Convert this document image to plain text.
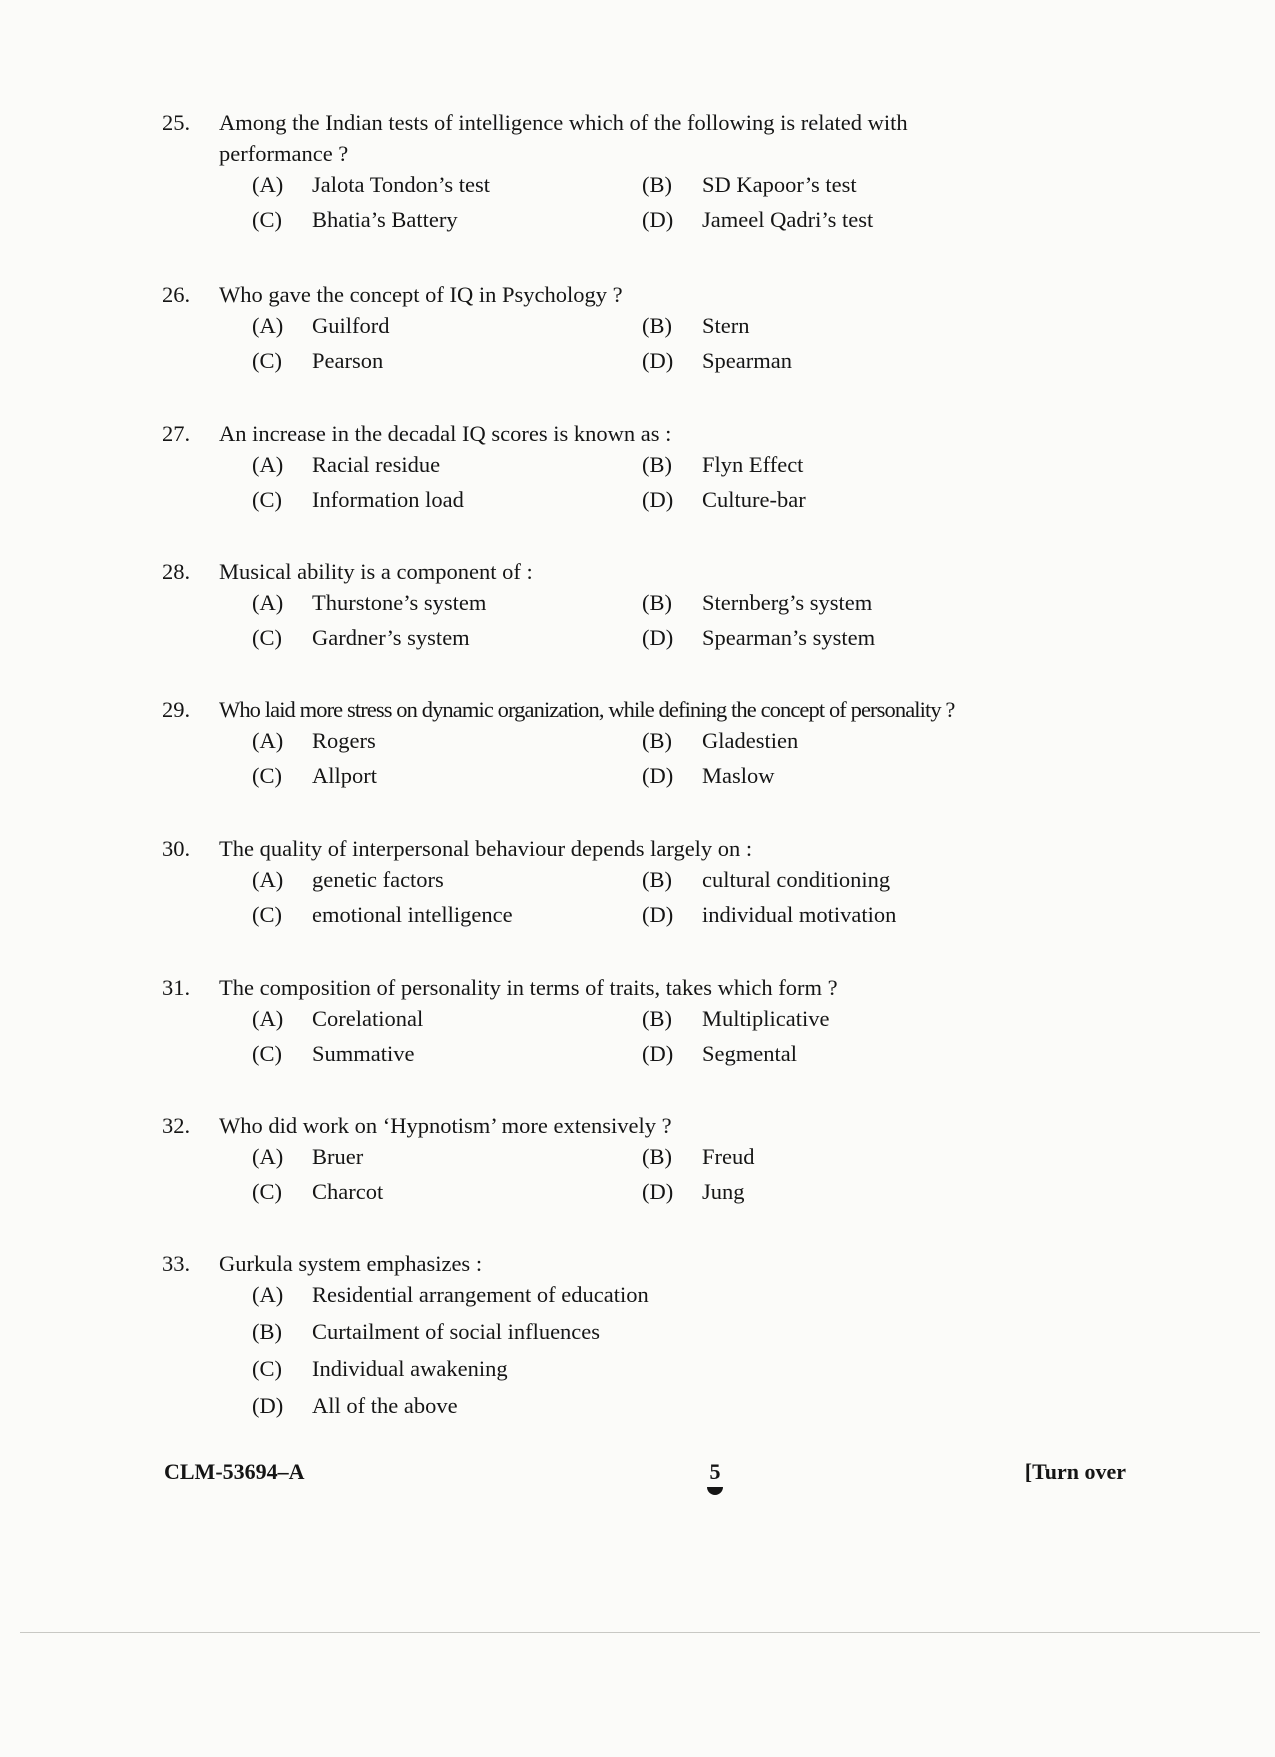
25. Among the Indian tests of intelligence which of the following is related with performance ?
(A) Jalota Tondon’s test	(B) SD Kapoor’s test
(C) Bhatia’s Battery	(D) Jameel Qadri’s test
26. Who gave the concept of IQ in Psychology ?
(A) Guilford	(B) Stern
(C) Pearson	(D) Spearman
27. An increase in the decadal IQ scores is known as :
(A) Racial residue	(B) Flyn Effect
(C) Information load	(D) Culture-bar
28. Musical ability is a component of :
(A) Thurstone’s system	(B) Sternberg’s system
(C) Gardner’s system	(D) Spearman’s system
29. Who laid more stress on dynamic organization, while defining the concept of personality ?
(A) Rogers	(B) Gladestien
(C) Allport	(D) Maslow
30. The quality of interpersonal behaviour depends largely on :
(A) genetic factors	(B) cultural conditioning
(C) emotional intelligence	(D) individual motivation
31. The composition of personality in terms of traits, takes which form ?
(A) Corelational	(B) Multiplicative
(C) Summative	(D) Segmental
32. Who did work on ‘Hypnotism’ more extensively ?
(A) Bruer	(B) Freud
(C) Charcot	(D) Jung
33. Gurkula system emphasizes :
(A) Residential arrangement of education
(B) Curtailment of social influences
(C) Individual awakening
(D) All of the above
CLM-53694–A	5	[Turn over
